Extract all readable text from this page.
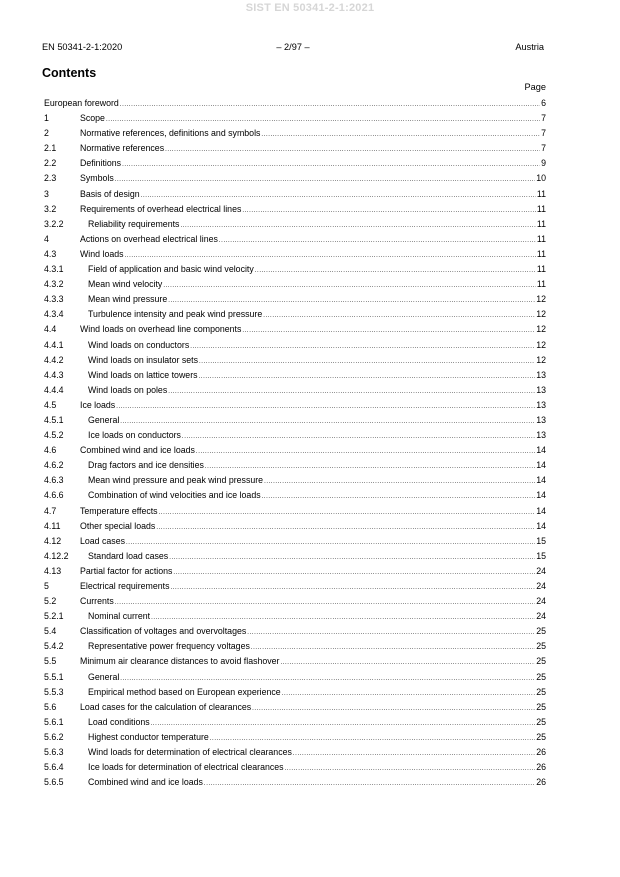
SIST EN 50341-2-1:2021
EN 50341-2-1:2020	– 2/97 –	Austria
Contents
Page
European foreword .....	6
1	Scope .....	7
2	Normative references, definitions and symbols .....	7
2.1	Normative references .....	7
2.2	Definitions .....	9
2.3	Symbols .....	10
3	Basis of design .....	11
3.2	Requirements of overhead electrical lines .....	11
3.2.2	Reliability requirements .....	11
4	Actions on overhead electrical lines .....	11
4.3	Wind loads .....	11
4.3.1	Field of application and basic wind velocity .....	11
4.3.2	Mean wind velocity .....	11
4.3.3	Mean wind pressure .....	12
4.3.4	Turbulence intensity and peak wind pressure .....	12
4.4	Wind loads on overhead line components .....	12
4.4.1	Wind loads on conductors .....	12
4.4.2	Wind loads on insulator sets .....	12
4.4.3	Wind loads on lattice towers .....	13
4.4.4	Wind loads on poles .....	13
4.5	Ice loads .....	13
4.5.1	General .....	13
4.5.2	Ice loads on conductors .....	13
4.6	Combined wind and ice loads .....	14
4.6.2	Drag factors and ice densities .....	14
4.6.3	Mean wind pressure and peak wind pressure .....	14
4.6.6	Combination of wind velocities and ice loads .....	14
4.7	Temperature effects .....	14
4.11	Other special loads .....	14
4.12	Load cases .....	15
4.12.2	Standard load cases .....	15
4.13	Partial factor for actions .....	24
5	Electrical requirements .....	24
5.2	Currents .....	24
5.2.1	Nominal current .....	24
5.4	Classification of voltages and overvoltages .....	25
5.4.2	Representative power frequency voltages .....	25
5.5	Minimum air clearance distances to avoid flashover .....	25
5.5.1	General .....	25
5.5.3	Empirical method based on European experience .....	25
5.6	Load cases for the calculation of clearances .....	25
5.6.1	Load conditions .....	25
5.6.2	Highest conductor temperature .....	25
5.6.3	Wind loads for determination of electrical clearances .....	26
5.6.4	Ice loads for determination of electrical clearances .....	26
5.6.5	Combined wind and ice loads .....	26
